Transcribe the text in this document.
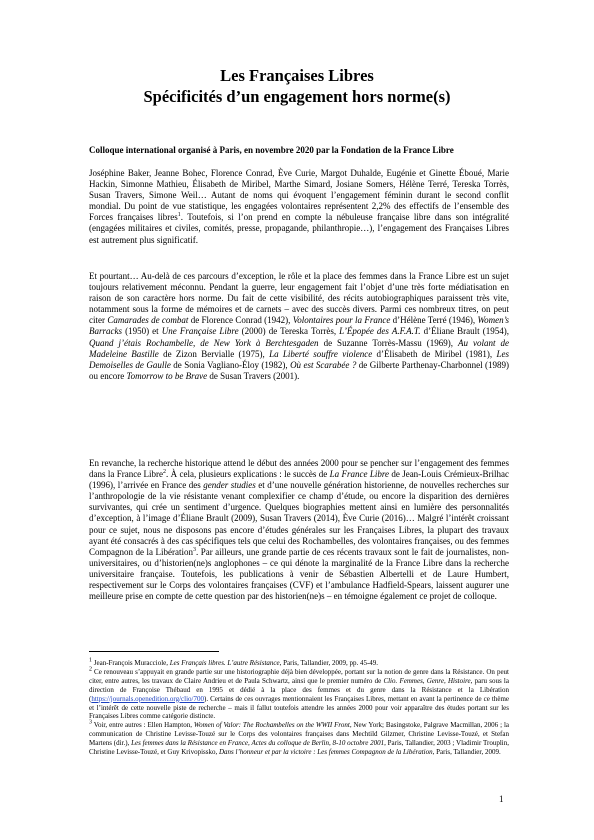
Les Françaises Libres
Spécificités d’un engagement hors norme(s)
Colloque international organisé à Paris, en novembre 2020 par la Fondation de la France Libre
Joséphine Baker, Jeanne Bohec, Florence Conrad, Ève Curie, Margot Duhalde, Eugénie et Ginette Éboué, Marie Hackin, Simonne Mathieu, Élisabeth de Miribel, Marthe Simard, Josiane Somers, Hélène Terré, Tereska Torrès, Susan Travers, Simone Weil… Autant de noms qui évoquent l’engagement féminin durant le second conflit mondial. Du point de vue statistique, les engagées volontaires représentent 2,2% des effectifs de l’ensemble des Forces françaises libres$^1$. Toutefois, si l’on prend en compte la nébuleuse française libre dans son intégralité (engagées militaires et civiles, comités, presse, propagande, philanthropie…), l’engagement des Françaises Libres est autrement plus significatif.
Et pourtant… Au-delà de ces parcours d’exception, le rôle et la place des femmes dans la France Libre est un sujet toujours relativement méconnu. Pendant la guerre, leur engagement fait l’objet d’une très forte médiatisation en raison de son caractère hors norme. Du fait de cette visibilité, des récits autobiographiques paraissent très vite, notamment sous la forme de mémoires et de carnets – avec des succès divers. Parmi ces nombreux titres, on peut citer Camarades de combat de Florence Conrad (1942), Volontaires pour la France d’Hélène Terré (1946), Women’s Barracks (1950) et Une Française Libre (2000) de Tereska Torrès, L’Épopée des A.F.A.T. d’Éliane Brault (1954), Quand j’étais Rochambelle, de New York à Berchtesgaden de Suzanne Torrès-Massu (1969), Au volant de Madeleine Bastille de Zizon Bervialle (1975), La Liberté souffre violence d’Élisabeth de Miribel (1981), Les Demoiselles de Gaulle de Sonia Vagliano-Éloy (1982), Où est Scarabée ? de Gilberte Parthenay-Charbonnel (1989) ou encore Tomorrow to be Brave de Susan Travers (2001).
En revanche, la recherche historique attend le début des années 2000 pour se pencher sur l’engagement des femmes dans la France Libre$^2$. À cela, plusieurs explications : le succès de La France Libre de Jean-Louis Crémieux-Brilhac (1996), l’arrivée en France des gender studies et d’une nouvelle génération historienne, de nouvelles recherches sur l’anthropologie de la vie résistante venant complexifier ce champ d’étude, ou encore la disparition des dernières survivantes, qui crée un sentiment d’urgence. Quelques biographies mettent ainsi en lumière des personnalités d’exception, à l’image d’Éliane Brault (2009), Susan Travers (2014), Ève Curie (2016)… Malgré l’intérêt croissant pour ce sujet, nous ne disposons pas encore d’études générales sur les Françaises Libres, la plupart des travaux ayant été consacrés à des cas spécifiques tels que celui des Rochambelles, des volontaires françaises, ou des femmes Compagnon de la Libération$^3$. Par ailleurs, une grande partie de ces récents travaux sont le fait de journalistes, non-universitaires, ou d’historien(ne)s anglophones – ce qui dénote la marginalité de la France Libre dans la recherche universitaire française. Toutefois, les publications à venir de Sébastien Albertelli et de Laure Humbert, respectivement sur le Corps des volontaires françaises (CVF) et l’ambulance Hadfield-Spears, laissent augurer une meilleure prise en compte de cette question par des historien(ne)s – en témoigne également ce projet de colloque.

$^1$ Jean-François Muracciole, Les Français libres. L’autre Résistance, Paris, Tallandier, 2009, pp. 45-49.

$^2$ Ce renouveau s’appuyait en grande partie sur une historiographie déjà bien développée, portant sur la notion de genre dans la Résistance. On peut citer, entre autres, les travaux de Claire Andrieu et de Paula Schwartz, ainsi que le premier numéro de Clio. Femmes, Genre, Histoire, paru sous la direction de Françoise Thébaud en 1995 et dédié à la place des femmes et du genre dans la Résistance et la Libération (https://journals.openedition.org/clio/700). Certains de ces ouvrages mentionnaient les Françaises Libres, mettant en avant la pertinence de ce thème et l’intérêt de cette nouvelle piste de recherche – mais il fallut toutefois attendre les années 2000 pour voir apparaître des études portant sur les Françaises Libres comme catégorie distincte.

$^3$ Voir, entre autres : Ellen Hampton, Women of Valor: The Rochambelles on the WWII Front, New York; Basingstoke, Palgrave Macmillan, 2006 ; la communication de Christine Levisse-Touzé sur le Corps des volontaires françaises dans Mechtild Gilzmer, Christine Levisse-Touzé, et Stefan Martens (dir.), Les femmes dans la Résistance en France, Actes du colloque de Berlin, 8-10 octobre 2001, Paris, Tallandier, 2003 ; Vladimir Trouplin, Christine Levisse-Touzé, et Guy Krivopissko, Dans l’honneur et par la victoire : Les femmes Compagnon de la Libération, Paris, Tallandier, 2009.

1
